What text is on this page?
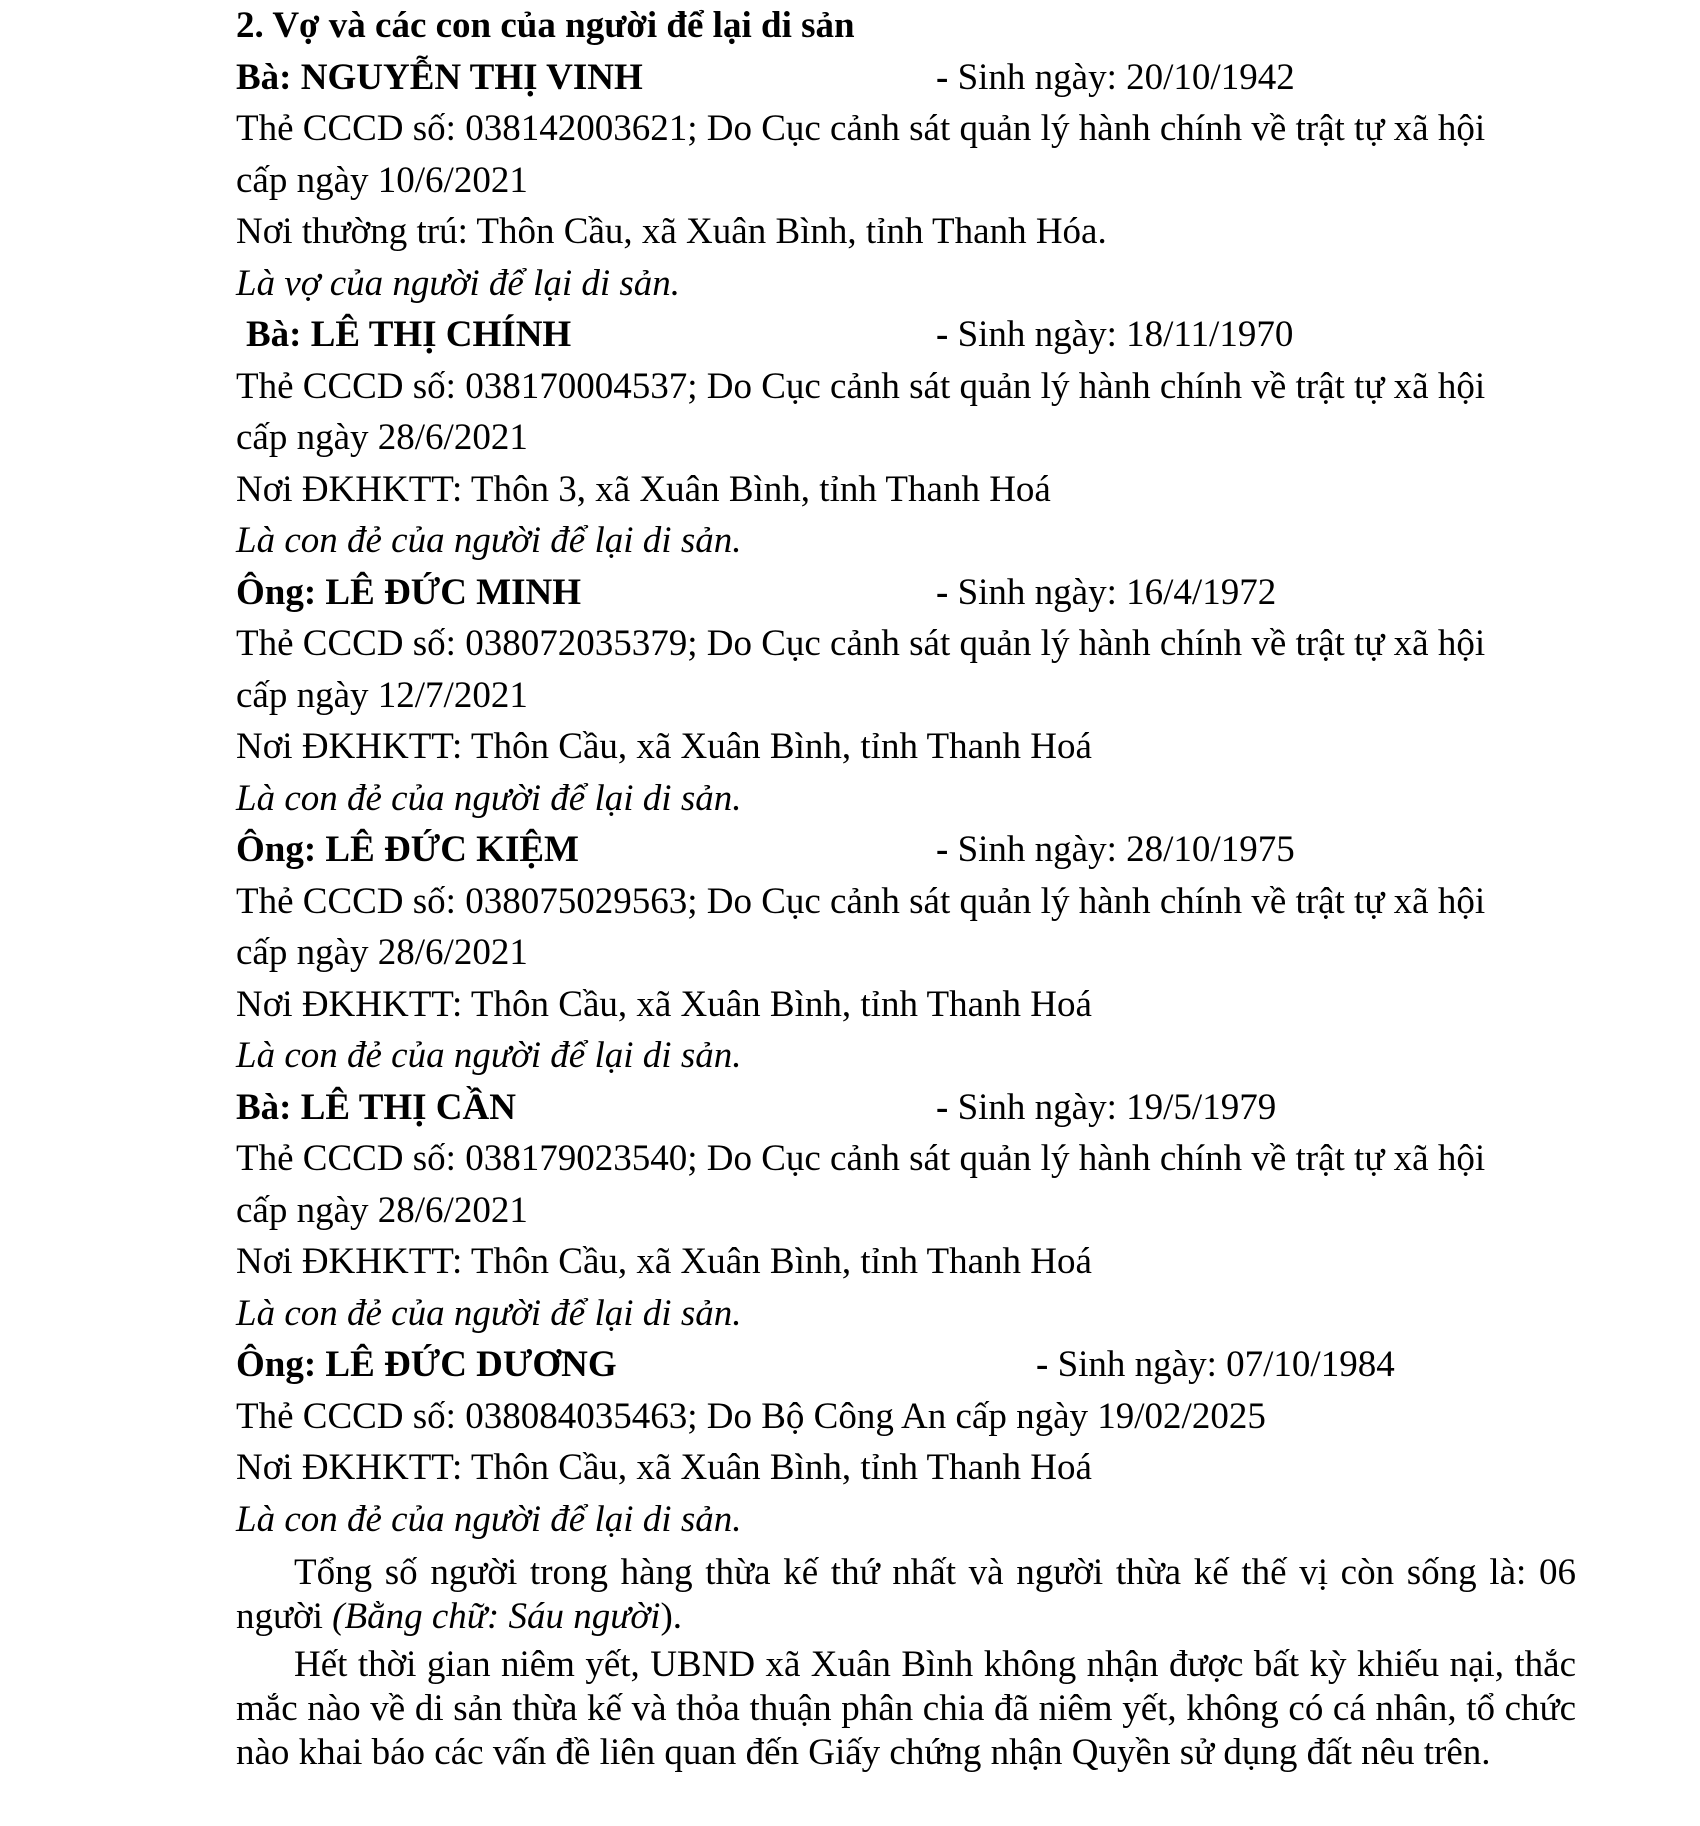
2. Vợ và các con của người để lại di sản
Bà: NGUYỄN THỊ VINH	- Sinh ngày: 20/10/1942
Thẻ CCCD số: 038142003621; Do Cục cảnh sát quản lý hành chính về trật tự xã hội
cấp ngày 10/6/2021
Nơi thường trú: Thôn Cầu, xã Xuân Bình, tỉnh Thanh Hóa.
Là vợ của người để lại di sản.
Bà: LÊ THỊ CHÍNH	- Sinh ngày: 18/11/1970
Thẻ CCCD số: 038170004537; Do Cục cảnh sát quản lý hành chính về trật tự xã hội
cấp ngày 28/6/2021
Nơi ĐKHKTT: Thôn 3, xã Xuân Bình, tỉnh Thanh Hoá
Là con đẻ của người để lại di sản.
Ông: LÊ ĐỨC MINH	- Sinh ngày: 16/4/1972
Thẻ CCCD số: 038072035379; Do Cục cảnh sát quản lý hành chính về trật tự xã hội
cấp ngày 12/7/2021
Nơi ĐKHKTT: Thôn Cầu, xã Xuân Bình, tỉnh Thanh Hoá
Là con đẻ của người để lại di sản.
Ông: LÊ ĐỨC KIỆM	- Sinh ngày: 28/10/1975
Thẻ CCCD số: 038075029563; Do Cục cảnh sát quản lý hành chính về trật tự xã hội
cấp ngày 28/6/2021
Nơi ĐKHKTT: Thôn Cầu, xã Xuân Bình, tỉnh Thanh Hoá
Là con đẻ của người để lại di sản.
Bà: LÊ THỊ CẦN	- Sinh ngày: 19/5/1979
Thẻ CCCD số: 038179023540; Do Cục cảnh sát quản lý hành chính về trật tự xã hội
cấp ngày 28/6/2021
Nơi ĐKHKTT: Thôn Cầu, xã Xuân Bình, tỉnh Thanh Hoá
Là con đẻ của người để lại di sản.
Ông: LÊ ĐỨC DƯƠNG	- Sinh ngày: 07/10/1984
Thẻ CCCD số: 038084035463; Do Bộ Công An cấp ngày 19/02/2025
Nơi ĐKHKTT: Thôn Cầu, xã Xuân Bình, tỉnh Thanh Hoá
Là con đẻ của người để lại di sản.
Tổng số người trong hàng thừa kế thứ nhất và người thừa kế thế vị còn sống là: 06 người (Bằng chữ: Sáu người).
Hết thời gian niêm yết, UBND xã Xuân Bình không nhận được bất kỳ khiếu nại, thắc mắc nào về di sản thừa kế và thỏa thuận phân chia đã niêm yết, không có cá nhân, tổ chức nào khai báo các vấn đề liên quan đến Giấy chứng nhận Quyền sử dụng đất nêu trên.
